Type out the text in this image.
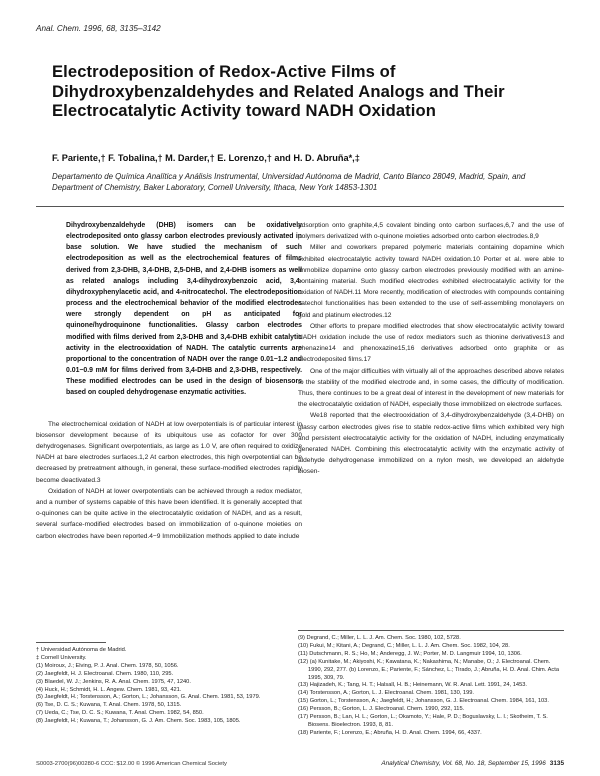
Anal. Chem. 1996, 68, 3135–3142
Electrodeposition of Redox-Active Films of Dihydroxybenzaldehydes and Related Analogs and Their Electrocatalytic Activity toward NADH Oxidation
F. Pariente,† F. Tobalina,† M. Darder,† E. Lorenzo,† and H. D. Abruña*,‡
Departamento de Química Analítica y Análisis Instrumental, Universidad Autónoma de Madrid, Canto Blanco 28049, Madrid, Spain, and Department of Chemistry, Baker Laboratory, Cornell University, Ithaca, New York 14853-1301

Dihydroxybenzaldehyde (DHB) isomers can be oxidatively electrodeposited onto glassy carbon electrodes previously activated in base solution. We have studied the mechanism of such electrodeposition as well as the electrochemical features of films derived from 2,3-DHB, 3,4-DHB, 2,5-DHB, and 2,4-DHB isomers as well as related analogs including 3,4-dihydroxybenzoic acid, 3,4-dihydroxyphenylacetic acid, and 4-nitrocatechol. The electrodeposition process and the electrochemical behavior of the modified electrodes were strongly dependent on pH as anticipated for quinone/hydroquinone functionalities. Glassy carbon electrodes modified with films derived from 2,3-DHB and 3,4-DHB exhibit catalytic activity in the electrooxidation of NADH. The catalytic currents are proportional to the concentration of NADH over the range 0.01−1.2 and 0.01−0.9 mM for films derived from 3,4-DHB and 2,3-DHB, respectively. These modified electrodes can be used in the design of biosensors based on coupled dehydrogenase enzymatic activities.

The electrochemical oxidation of NADH at low overpotentials is of particular interest in biosensor development because of its ubiquitous use as cofactor for over 300 dehydrogenases. Significant overpotentials, as large as 1.0 V, are often required to oxidize NADH at bare electrodes surfaces.1,2 At carbon electrodes, this high overpotential can be decreased by pretreatment although, in general, these surface-modified electrodes rapidly become deactivated.3

Oxidation of NADH at lower overpotentials can be achieved through a redox mediator, and a number of systems capable of this have been identified. It is generally accepted that o-quinones can be quite active in the electrocatalytic oxidation of NADH, and as a result, several surface-modified electrodes based on immobilization of o-quinone moieties on carbon electrodes have been reported.4−9 Immobilization methods applied to date include

adsorption onto graphite,4,5 covalent binding onto carbon surfaces,6,7 and the use of polymers derivatized with o-quinone moieties adsorbed onto carbon electrodes.8,9

Miller and coworkers prepared polymeric materials containing dopamine which exhibited electrocatalytic activity toward NADH oxidation.10 Porter et al. were able to immobilize dopamine onto glassy carbon electrodes previously modified with an amine-containing material. Such modified electrodes exhibited electrocatalytic activity for the oxidation of NADH.11 More recently, modification of electrodes with compounds containing catechol functionalities has been extended to the use of self-assembling monolayers on gold and platinum electrodes.12

Other efforts to prepare modified electrodes that show electrocatalytic activity toward NADH oxidation include the use of redox mediators such as thionine derivatives13 and phenazine14 and phenoxazine15,16 derivatives adsorbed onto graphite or as electrodeposited films.17

One of the major difficulties with virtually all of the approaches described above relates to the stability of the modified electrode and, in some cases, the difficulty of modification. Thus, there continues to be a great deal of interest in the development of new materials for the electrocatalytic oxidation of NADH, especially those immobilized on electrode surfaces.

We18 reported that the electrooxidation of 3,4-dihydroxybenzaldehyde (3,4-DHB) on glassy carbon electrodes gives rise to stable redox-active films which exhibited very high and persistent electrocatalytic activity for the oxidation of NADH, including enzymatically generated NADH. Combining this electrocatalytic activity with the enzymatic activity of aldehyde dehydrogenase immobilized on a nylon mesh, we developed an aldehyde biosen-

† Universidad Autónoma de Madrid.
‡ Cornell University.
(1) Moiroux, J.; Elving, P. J. Anal. Chem. 1978, 50, 1056.
(2) Jaegfeldt, H. J. Electroanal. Chem. 1980, 110, 295.
(3) Blaedel, W. J.; Jenkins, R. A. Anal. Chem. 1975, 47, 1240.
(4) Huck, H.; Schmidt, H. L. Angew. Chem. 1981, 93, 421.
(5) Jaegfeldt, H.; Torstensson, A.; Gorton, L.; Johansson, G. Anal. Chem. 1981, 53, 1979.
(6) Tse, D. C. S.; Kuwana, T. Anal. Chem. 1978, 50, 1315.
(7) Ueda, C.; Tse, D. C. S.; Kuwana, T. Anal. Chem. 1982, 54, 850.
(8) Jaegfeldt, H.; Kuwana, T.; Johansson, G. J. Am. Chem. Soc. 1983, 105, 1805.
(9) Degrand, C.; Miller, L. L. J. Am. Chem. Soc. 1980, 102, 5728.
(10) Fukui, M.; Kitani, A.; Degrand, C.; Miller, L. L. J. Am. Chem. Soc. 1982, 104, 28.
(11) Dutschmann, R. S.; Ho, M.; Anderegg, J. W.; Porter, M. D. Langmuir 1994, 10, 1306.
(12) (a) Kunitake, M.; Akiyoshi, K.; Kawatana, K.; Nakashima, N.; Manabe, O.; J. Electroanal. Chem. 1990, 292, 277. (b) Lorenzo, E.; Pariente, F.; Sánchez, L.; Tirado, J.; Abruña, H. D. Anal. Chim. Acta 1995, 309, 79.
(13) Hajizadeh, K.; Tang, H. T.; Halsall, H. B.; Heinemann, W. R. Anal. Lett. 1991, 24, 1453.
(14) Torstensson, A.; Gorton, L. J. Electroanal. Chem. 1981, 130, 199.
(15) Gorton, L.; Torstensson, A.; Jaegfeldt, H.; Johansson, G. J. Electroanal. Chem. 1984, 161, 103.
(16) Persson, B.; Gorton, L. J. Electroanal. Chem. 1990, 292, 115.
(17) Persson, B.; Lan, H. L.; Gorton, L.; Okamoto, Y.; Hale, P. D.; Boguslavsky, L. I.; Skotheim, T. S. Biosens. Bioelectron. 1993, 8, 81.
(18) Pariente, F.; Lorenzo, E.; Abruña, H. D. Anal. Chem. 1994, 66, 4337.
S0003-2700(96)00280-6 CCC: $12.00 © 1996 American Chemical Society	Analytical Chemistry, Vol. 68, No. 18, September 15, 1996 3135
